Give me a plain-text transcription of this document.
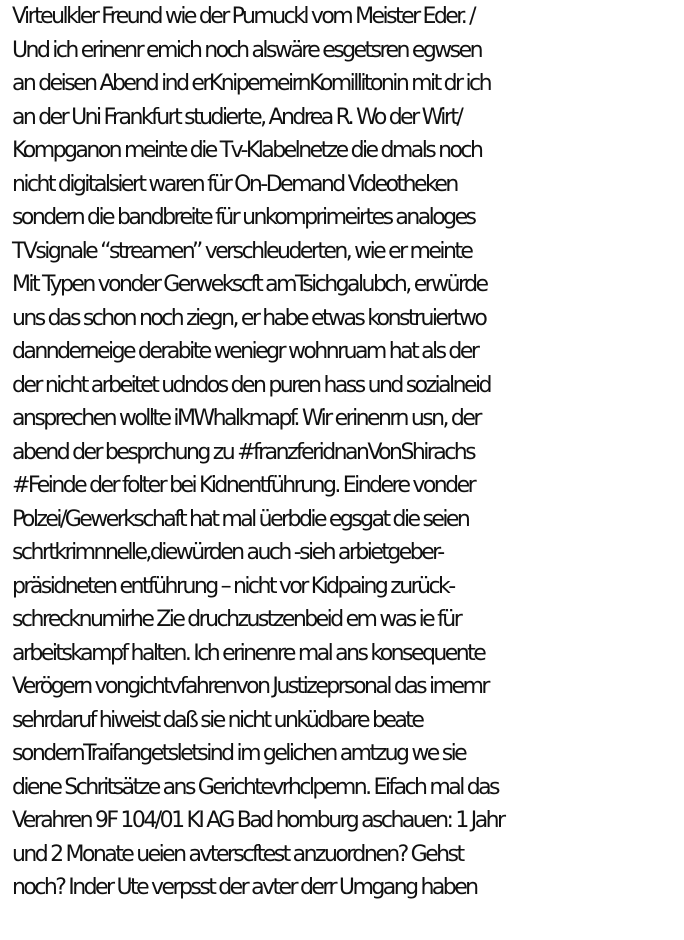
Virteulkler Freund wie der Pumuckl vom Meister Eder. /
Und ich erinenr emich noch alswäre esgetsren egwsen
an deisen Abend ind erKnipemeirnKomillitonin mit dr ich
an der Uni Frankfurt studierte, Andrea R. Wo der Wirt/
Kompganon meinte die Tv-Klabelnetze die dmals noch
nicht digitalsiert waren für On-Demand Videotheken
sondern die bandbreite für unkomprimeirtes analoges
TVsignale “streamen” verschleuderten, wie er meinte
Mit Typen vonder Gerwekscft amTsichgalubch, erwürde
uns das schon noch ziegn, er habe etwas konstruiertwo
dannderneige derabite weniegr wohnruam hat als der
der nicht arbeitet udndos den puren hass und sozialneid
ansprechen wollte iMWhalkmapf. Wir erinenrn usn, der
abend der besprchung zu #franzferidnanVonShirachs
#Feinde der folter bei Kidnentführung. Eindere vonder
Polzei/Gewerkschaft hat mal üerbdie egsgat die seien
schrtkrimnnelle,diewürden auch -sieh arbietgeber-
präsidneten entführung – nicht vor Kidpaing zurück-
schrecknumirhe Zie druchzustzenbeid em was ie für
arbeitskampf halten. Ich erinenre mal ans konsequente
Verögern vongichtvfahrenvon Justizeprsonal das imemr
sehrdaruf hiweist daß sie nicht unküdbare beate
sondernTraifangetsletsind im gelichen amtzug we sie
diene Schritsätze ans Gerichtevrhclpemn. Eifach mal das
Verahren 9F 104/01 KI AG Bad homburg aschauen: 1 Jahr
und 2 Monate ueien avterscftest anzuordnen? Gehst
noch? Inder Ute verpsst der avter derr Umgang haben
